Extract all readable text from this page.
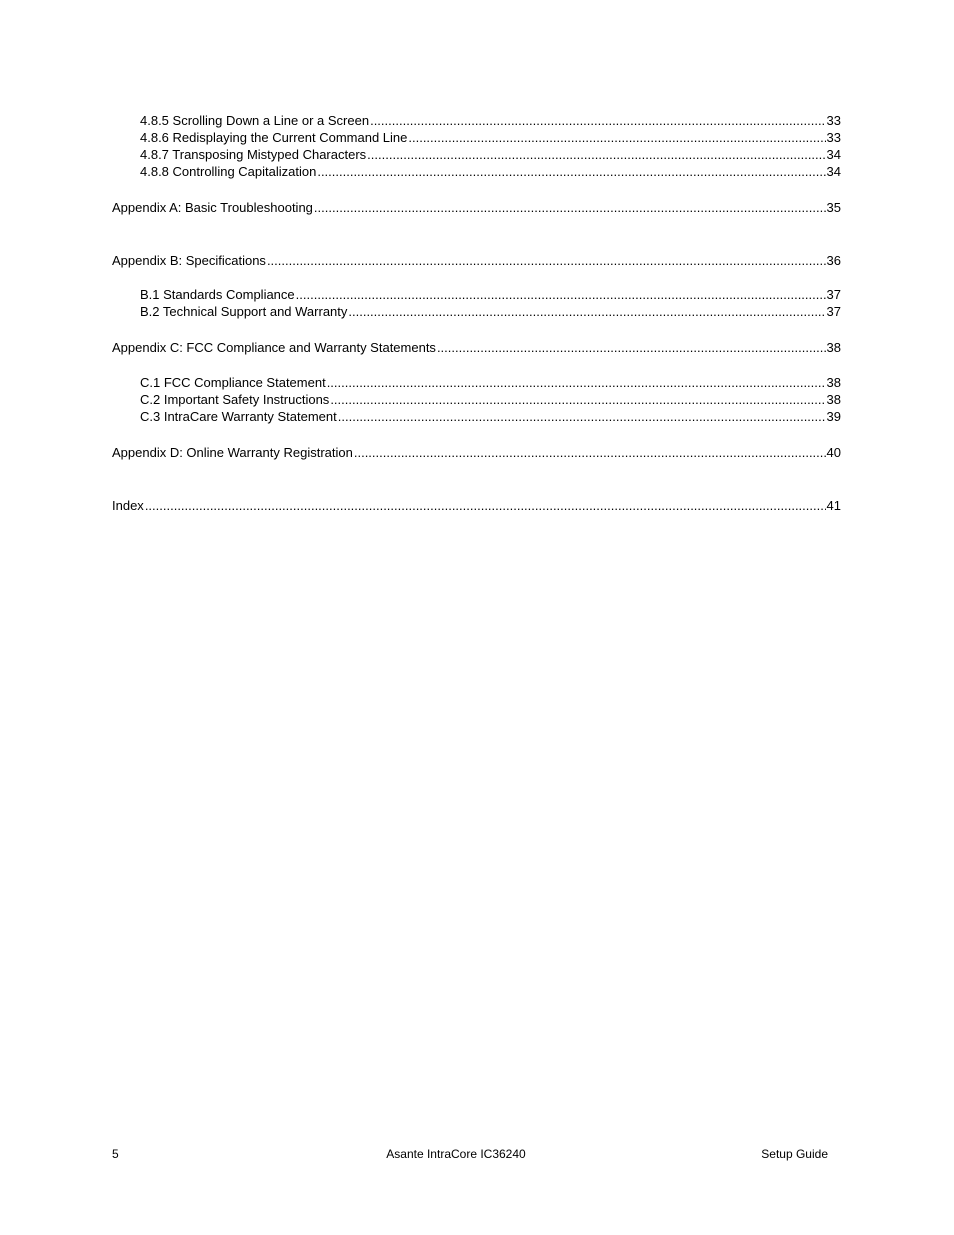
4.8.5 Scrolling Down a Line or a Screen .....	33
4.8.6 Redisplaying the Current Command Line .....	33
4.8.7 Transposing Mistyped Characters .....	34
4.8.8 Controlling Capitalization .....	34
Appendix A: Basic Troubleshooting .....	35
Appendix B: Specifications .....	36
B.1 Standards Compliance .....	37
B.2 Technical Support and Warranty .....	37
Appendix C: FCC Compliance and Warranty Statements .....	38
C.1 FCC Compliance Statement .....	38
C.2 Important Safety Instructions .....	38
C.3 IntraCare Warranty Statement .....	39
Appendix D: Online Warranty Registration .....	40
Index .....	41
5	Asante IntraCore IC36240	Setup Guide
